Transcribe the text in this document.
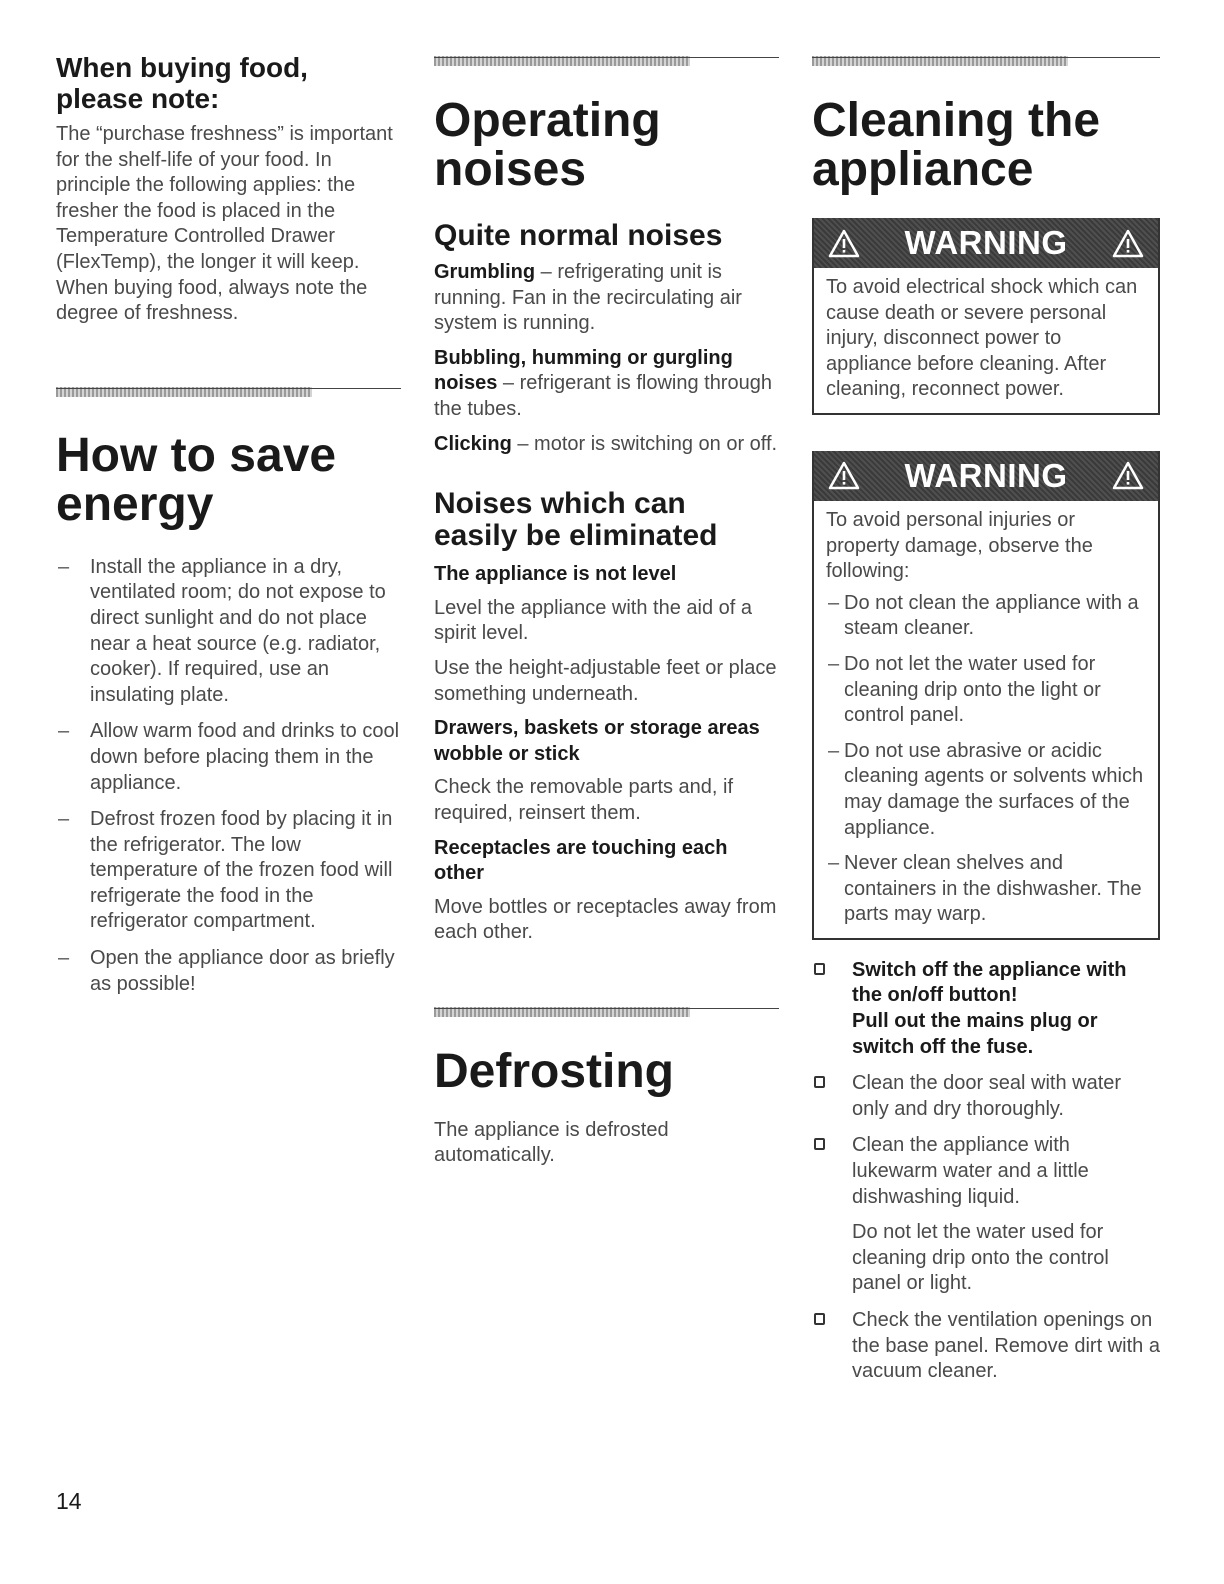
When buying food, please note:

The “purchase freshness” is important for the shelf-life of your food. In principle the following applies: the fresher the food is placed in the Temperature Controlled Drawer (FlexTemp), the longer it will keep. When buying food, always note the degree of freshness.

How to save energy
– Install the appliance in a dry, ventilated room; do not expose to direct sunlight and do not place near a heat source (e.g. radiator, cooker). If required, use an insulating plate.
– Allow warm food and drinks to cool down before placing them in the appliance.
– Defrost frozen food by placing it in the refrigerator. The low temperature of the frozen food will refrigerate the food in the refrigerator compartment.
– Open the appliance door as briefly as possible!
Operating noises
Quite normal noises

Grumbling – refrigerating unit is running. Fan in the recirculating air system is running.

Bubbling, humming or gurgling noises – refrigerant is flowing through the tubes.

Clicking – motor is switching on or off.

Noises which can easily be eliminated

The appliance is not level

Level the appliance with the aid of a spirit level.

Use the height-adjustable feet or place something underneath.

Drawers, baskets or storage areas wobble or stick

Check the removable parts and, if required, reinsert them.

Receptacles are touching each other

Move bottles or receptacles away from each other.

Defrosting

The appliance is defrosted automatically.

Cleaning the appliance
WARNING
To avoid electrical shock which can cause death or severe personal injury, disconnect power to appliance before cleaning. After cleaning, reconnect power.
WARNING
To avoid personal injuries or property damage, observe the following:
– Do not clean the appliance with a steam cleaner.
– Do not let the water used for cleaning drip onto the light or control panel.
– Do not use abrasive or acidic cleaning agents or solvents which may damage the surfaces of the appliance.
– Never clean shelves and containers in the dishwasher. The parts may warp.
Switch off the appliance with the on/off button!
Pull out the mains plug or switch off the fuse.
Clean the door seal with water only and dry thoroughly.
Clean the appliance with lukewarm water and a little dishwashing liquid.
Do not let the water used for cleaning drip onto the control panel or light.
Check the ventilation openings on the base panel. Remove dirt with a vacuum cleaner.
14
